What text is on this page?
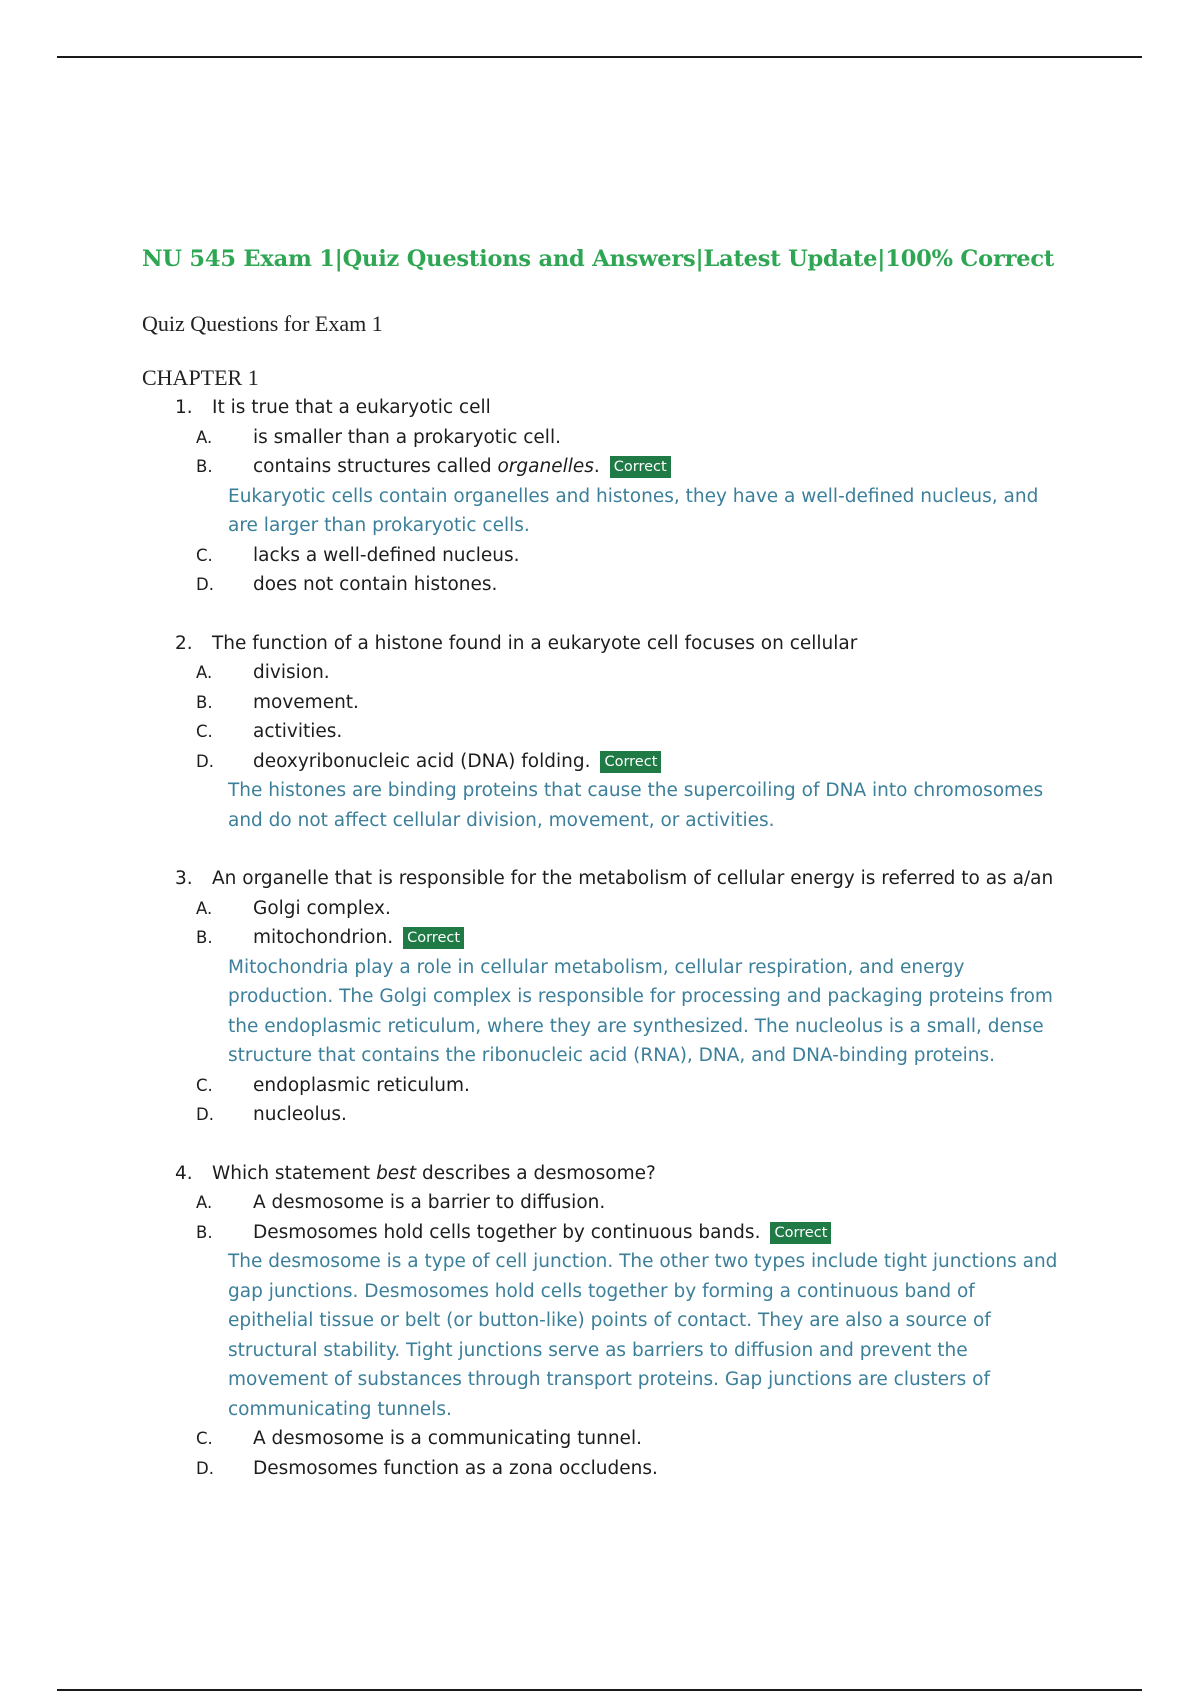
NU 545 Exam 1|Quiz Questions and Answers|Latest Update|100% Correct
Quiz Questions for Exam 1
CHAPTER 1
1.	It is true that a eukaryotic cell
A.	is smaller than a prokaryotic cell.
B.	contains structures called organelles. Correct
Eukaryotic cells contain organelles and histones, they have a well-defined nucleus, and are larger than prokaryotic cells.
C.	lacks a well-defined nucleus.
D.	does not contain histones.
2.	The function of a histone found in a eukaryote cell focuses on cellular
A.	division.
B.	movement.
C.	activities.
D.	deoxyribonucleic acid (DNA) folding. Correct
The histones are binding proteins that cause the supercoiling of DNA into chromosomes and do not affect cellular division, movement, or activities.
3.	An organelle that is responsible for the metabolism of cellular energy is referred to as a/an
A.	Golgi complex.
B.	mitochondrion. Correct
Mitochondria play a role in cellular metabolism, cellular respiration, and energy production. The Golgi complex is responsible for processing and packaging proteins from the endoplasmic reticulum, where they are synthesized. The nucleolus is a small, dense structure that contains the ribonucleic acid (RNA), DNA, and DNA-binding proteins.
C.	endoplasmic reticulum.
D.	nucleolus.
4.	Which statement best describes a desmosome?
A.	A desmosome is a barrier to diffusion.
B.	Desmosomes hold cells together by continuous bands. Correct
The desmosome is a type of cell junction. The other two types include tight junctions and gap junctions. Desmosomes hold cells together by forming a continuous band of epithelial tissue or belt (or button-like) points of contact. They are also a source of structural stability. Tight junctions serve as barriers to diffusion and prevent the movement of substances through transport proteins. Gap junctions are clusters of communicating tunnels.
C.	A desmosome is a communicating tunnel.
D.	Desmosomes function as a zona occludens.
